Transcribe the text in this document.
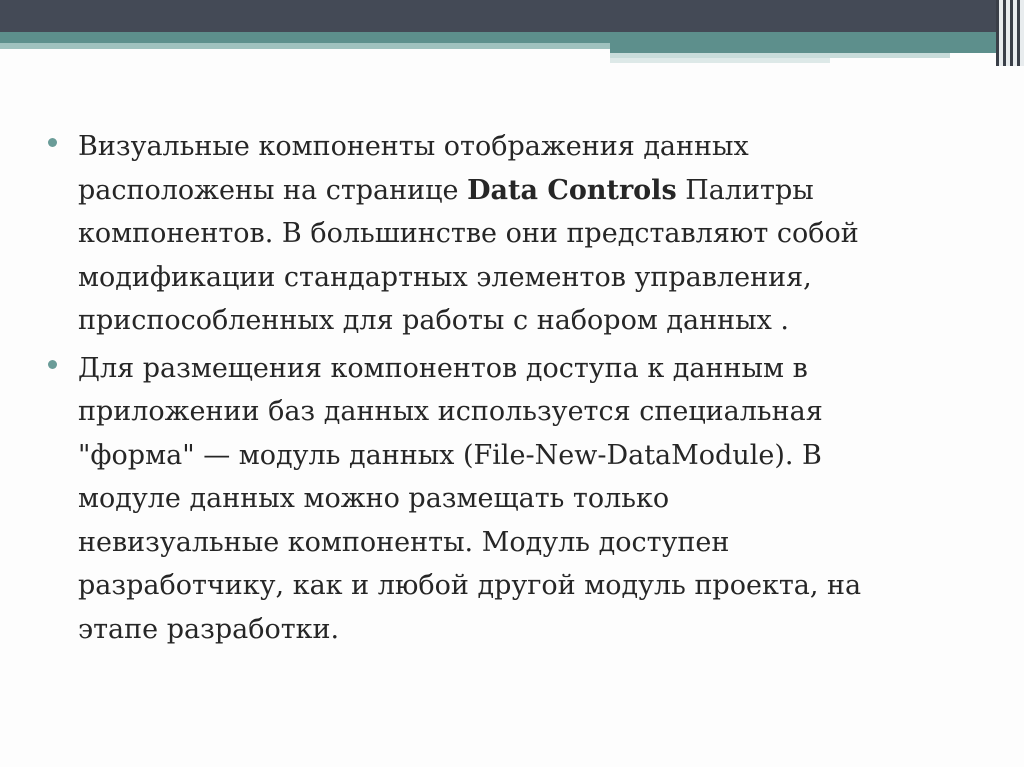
Визуальные компоненты отображения данных

расположены на странице Data Controls Палитры

компонентов. В большинстве они представляют собой

модификации стандартных элементов управления,

приспособленных для работы с набором данных .

Для размещения компонентов доступа к данным в

приложении баз данных используется специальная

"форма" — модуль данных (File-New-DataModule). В

модуле данных можно размещать только

невизуальные компоненты. Модуль доступен

разработчику, как и любой другой модуль проекта, на

этапе разработки.
